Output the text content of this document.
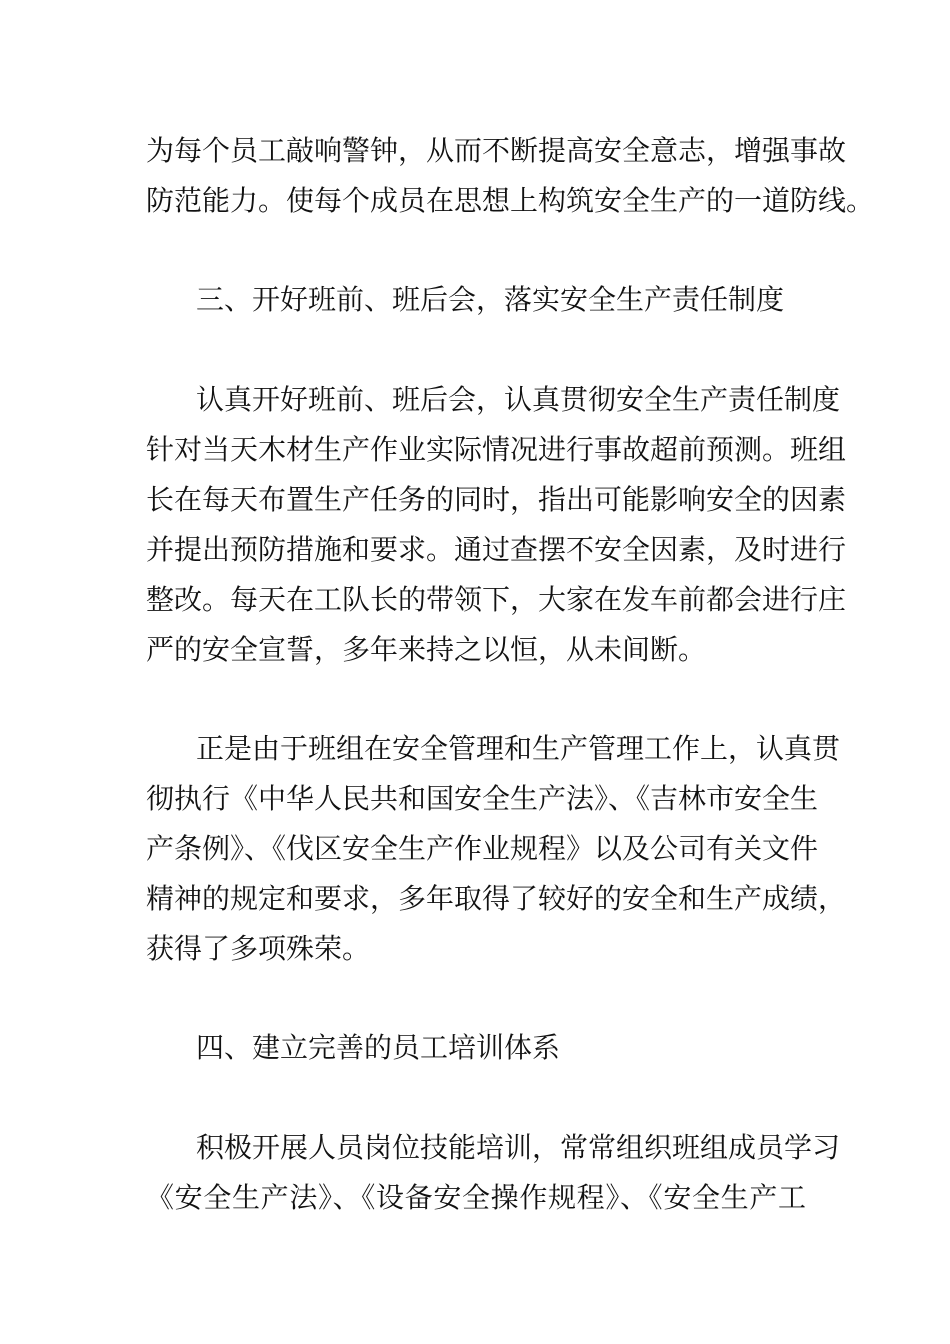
为每个员工敲响警钟，从而不断提高安全意志，增强事故
防范能力。使每个成员在思想上构筑安全生产的一道防线。
三、开好班前、班后会，落实安全生产责任制度
认真开好班前、班后会，认真贯彻安全生产责任制度
针对当天木材生产作业实际情况进行事故超前预测。班组
长在每天布置生产任务的同时，指出可能影响安全的因素
并提出预防措施和要求。通过查摆不安全因素，及时进行
整改。每天在工队长的带领下，大家在发车前都会进行庄
严的安全宣誓，多年来持之以恒，从未间断。
正是由于班组在安全管理和生产管理工作上，认真贯
彻执行《中华人民共和国安全生产法》、《吉林市安全生
产条例》、《伐区安全生产作业规程》以及公司有关文件
精神的规定和要求，多年取得了较好的安全和生产成绩，
获得了多项殊荣。
四、建立完善的员工培训体系
积极开展人员岗位技能培训，常常组织班组成员学习
《安全生产法》、《设备安全操作规程》、《安全生产工
